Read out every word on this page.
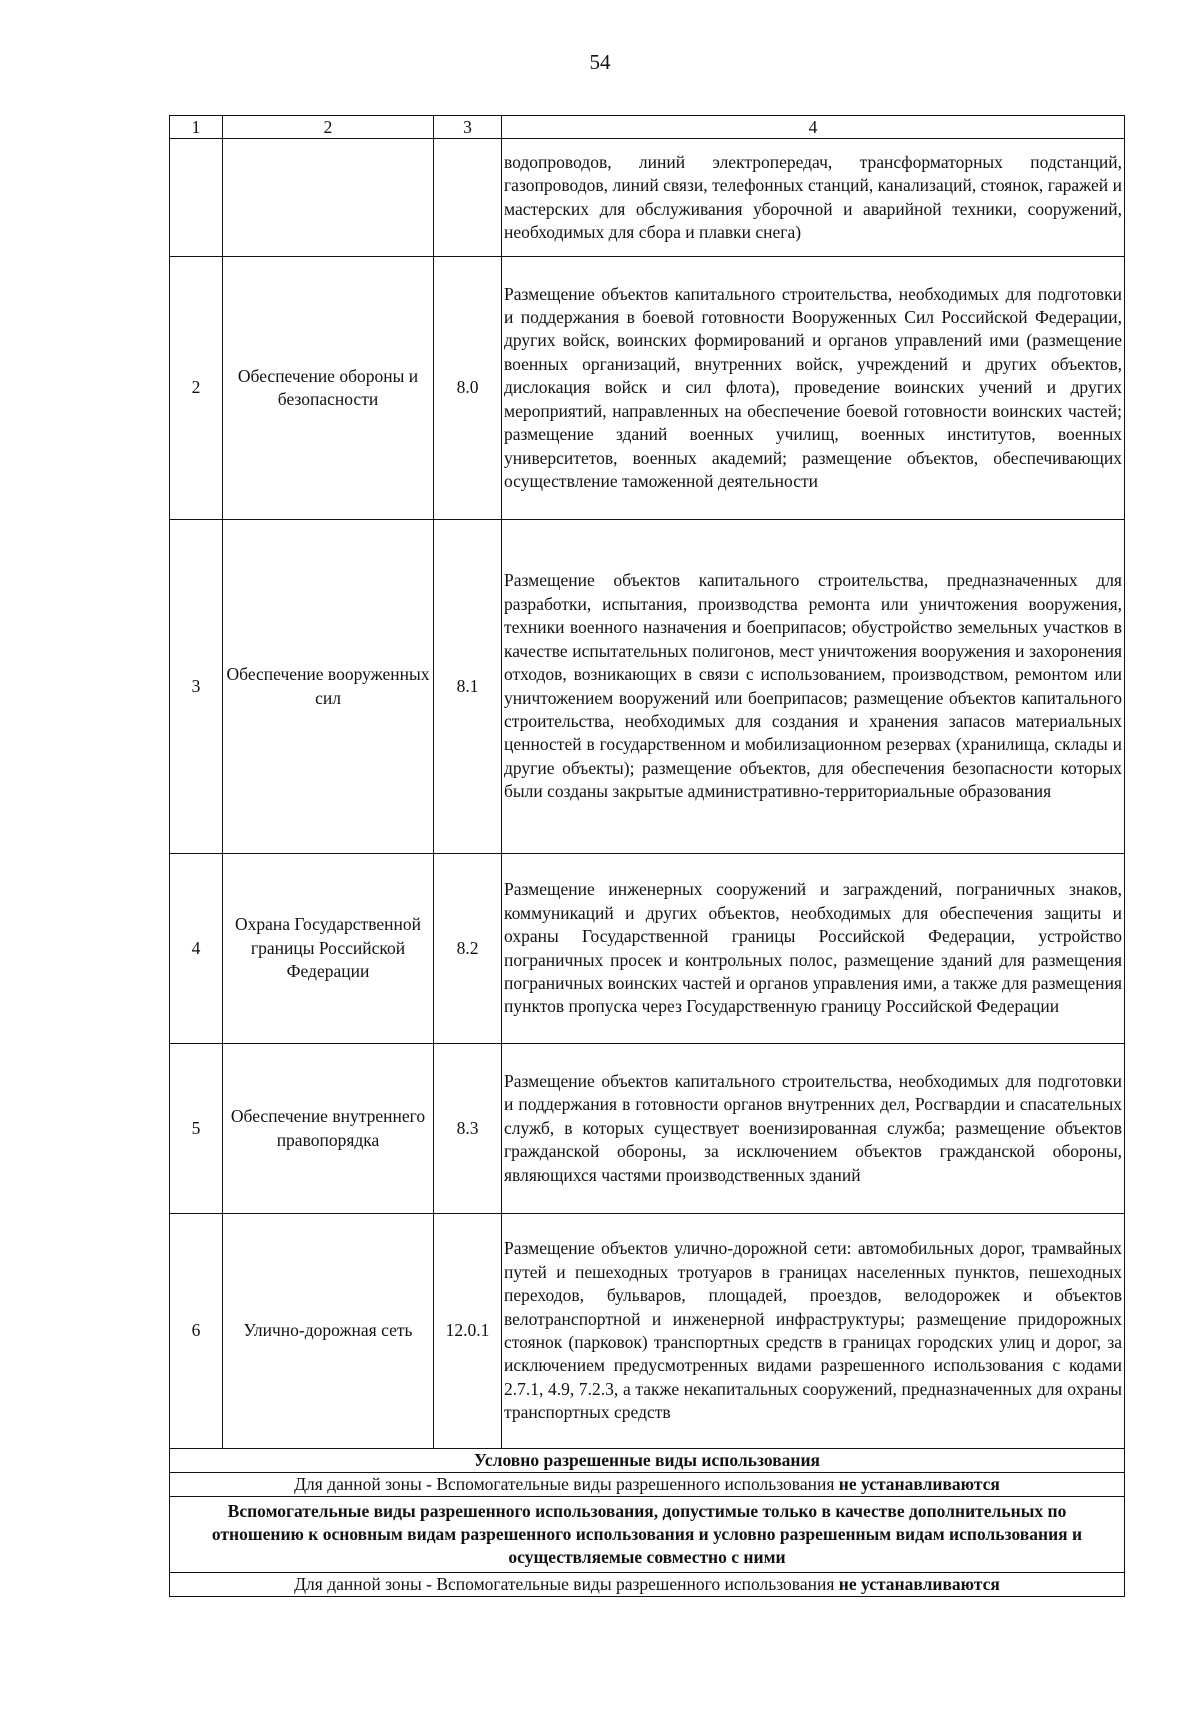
54
1	2	3	4
			водопроводов, линий электропередач, трансформаторных подстанций, газопроводов, линий связи, телефонных станций, канализаций, стоянок, гаражей и мастерских для обслуживания уборочной и аварийной техники, сооружений, необходимых для сбора и плавки снега)
2	Обеспечение обороны и безопасности	8.0	Размещение объектов капитального строительства, необходимых для подготовки и поддержания в боевой готовности Вооруженных Сил Российской Федерации, других войск, воинских формирований и органов управлений ими (размещение военных организаций, внутренних войск, учреждений и других объектов, дислокация войск и сил флота), проведение воинских учений и других мероприятий, направленных на обеспечение боевой готовности воинских частей; размещение зданий военных училищ, военных институтов, военных университетов, военных академий; размещение объектов, обеспечивающих осуществление таможенной деятельности
3	Обеспечение вооруженных сил	8.1	Размещение объектов капитального строительства, предназначенных для разработки, испытания, производства ремонта или уничтожения вооружения, техники военного назначения и боеприпасов; обустройство земельных участков в качестве испытательных полигонов, мест уничтожения вооружения и захоронения отходов, возникающих в связи с использованием, производством, ремонтом или уничтожением вооружений или боеприпасов; размещение объектов капитального строительства, необходимых для создания и хранения запасов материальных ценностей в государственном и мобилизационном резервах (хранилища, склады и другие объекты); размещение объектов, для обеспечения безопасности которых были созданы закрытые административно-территориальные образования
4	Охрана Государственной границы Российской Федерации	8.2	Размещение инженерных сооружений и заграждений, пограничных знаков, коммуникаций и других объектов, необходимых для обеспечения защиты и охраны Государственной границы Российской Федерации, устройство пограничных просек и контрольных полос, размещение зданий для размещения пограничных воинских частей и органов управления ими, а также для размещения пунктов пропуска через Государственную границу Российской Федерации
5	Обеспечение внутреннего правопорядка	8.3	Размещение объектов капитального строительства, необходимых для подготовки и поддержания в готовности органов внутренних дел, Росгвардии и спасательных служб, в которых существует военизированная служба; размещение объектов гражданской обороны, за исключением объектов гражданской обороны, являющихся частями производственных зданий
6	Улично-дорожная сеть	12.0.1	Размещение объектов улично-дорожной сети: автомобильных дорог, трамвайных путей и пешеходных тротуаров в границах населенных пунктов, пешеходных переходов, бульваров, площадей, проездов, велодорожек и объектов велотранспортной и инженерной инфраструктуры; размещение придорожных стоянок (парковок) транспортных средств в границах городских улиц и дорог, за исключением предусмотренных видами разрешенного использования с кодами 2.7.1, 4.9, 7.2.3, а также некапитальных сооружений, предназначенных для охраны транспортных средств
Условно разрешенные виды использования			
Для данной зоны - Вспомогательные виды разрешенного использования не устанавливаются			
Вспомогательные виды разрешенного использования, допустимые только в качестве дополнительных по отношению к основным видам разрешенного использования и условно разрешенным видам использования и осуществляемые совместно с ними			
Для данной зоны - Вспомогательные виды разрешенного использования не устанавливаются			
